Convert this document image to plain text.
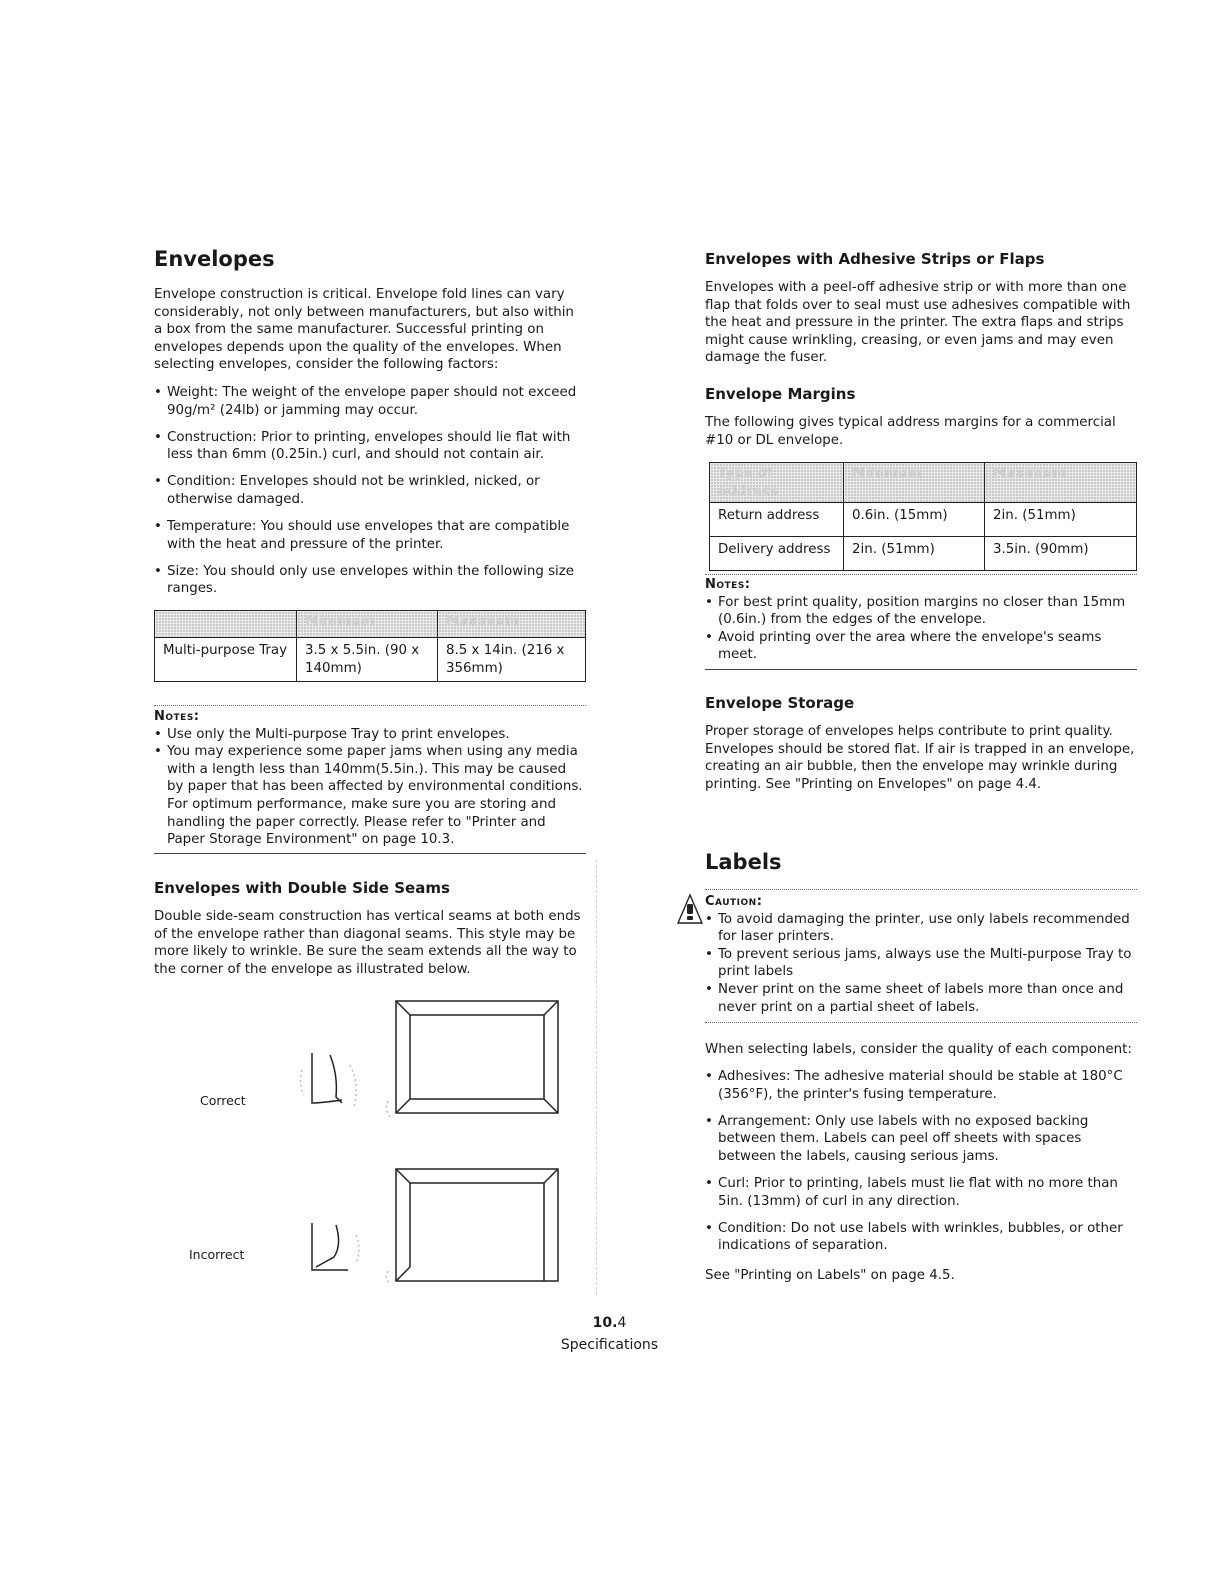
Envelopes
Envelope construction is critical. Envelope fold lines can vary considerably, not only between manufacturers, but also within a box from the same manufacturer. Successful printing on envelopes depends upon the quality of the envelopes. When selecting envelopes, consider the following factors:
• Weight: The weight of the envelope paper should not exceed 90g/m² (24lb) or jamming may occur.
• Construction: Prior to printing, envelopes should lie flat with less than 6mm (0.25in.) curl, and should not contain air.
• Condition: Envelopes should not be wrinkled, nicked, or otherwise damaged.
• Temperature: You should use envelopes that are compatible with the heat and pressure of the printer.
• Size: You should only use envelopes within the following size ranges.
	Minimum	Maximum
Multi-purpose Tray	3.5 x 5.5in. (90 x 140mm)	8.5 x 14in. (216 x 356mm)
Notes:
• Use only the Multi-purpose Tray to print envelopes.
• You may experience some paper jams when using any media with a length less than 140mm(5.5in.). This may be caused by paper that has been affected by environmental conditions. For optimum performance, make sure you are storing and handling the paper correctly. Please refer to "Printer and Paper Storage Environment" on page 10.3.
Envelopes with Double Side Seams
Double side-seam construction has vertical seams at both ends of the envelope rather than diagonal seams. This style may be more likely to wrinkle. Be sure the seam extends all the way to the corner of the envelope as illustrated below.
Correct
Incorrect
Envelopes with Adhesive Strips or Flaps
Envelopes with a peel-off adhesive strip or with more than one flap that folds over to seal must use adhesives compatible with the heat and pressure in the printer. The extra flaps and strips might cause wrinkling, creasing, or even jams and may even damage the fuser.
Envelope Margins
The following gives typical address margins for a commercial #10 or DL envelope.
Type of address	Minimum	Maximum
Return address	0.6in. (15mm)	2in. (51mm)
Delivery address	2in. (51mm)	3.5in. (90mm)
Notes:
• For best print quality, position margins no closer than 15mm (0.6in.) from the edges of the envelope.
• Avoid printing over the area where the envelope's seams meet.
Envelope Storage
Proper storage of envelopes helps contribute to print quality. Envelopes should be stored flat. If air is trapped in an envelope, creating an air bubble, then the envelope may wrinkle during printing. See "Printing on Envelopes" on page 4.4.
Labels
Caution:
• To avoid damaging the printer, use only labels recommended for laser printers.
• To prevent serious jams, always use the Multi-purpose Tray to print labels
• Never print on the same sheet of labels more than once and never print on a partial sheet of labels.
When selecting labels, consider the quality of each component:
• Adhesives: The adhesive material should be stable at 180°C (356°F), the printer's fusing temperature.
• Arrangement: Only use labels with no exposed backing between them. Labels can peel off sheets with spaces between the labels, causing serious jams.
• Curl: Prior to printing, labels must lie flat with no more than 5in. (13mm) of curl in any direction.
• Condition: Do not use labels with wrinkles, bubbles, or other indications of separation.
See "Printing on Labels" on page 4.5.
10.4
Specifications
